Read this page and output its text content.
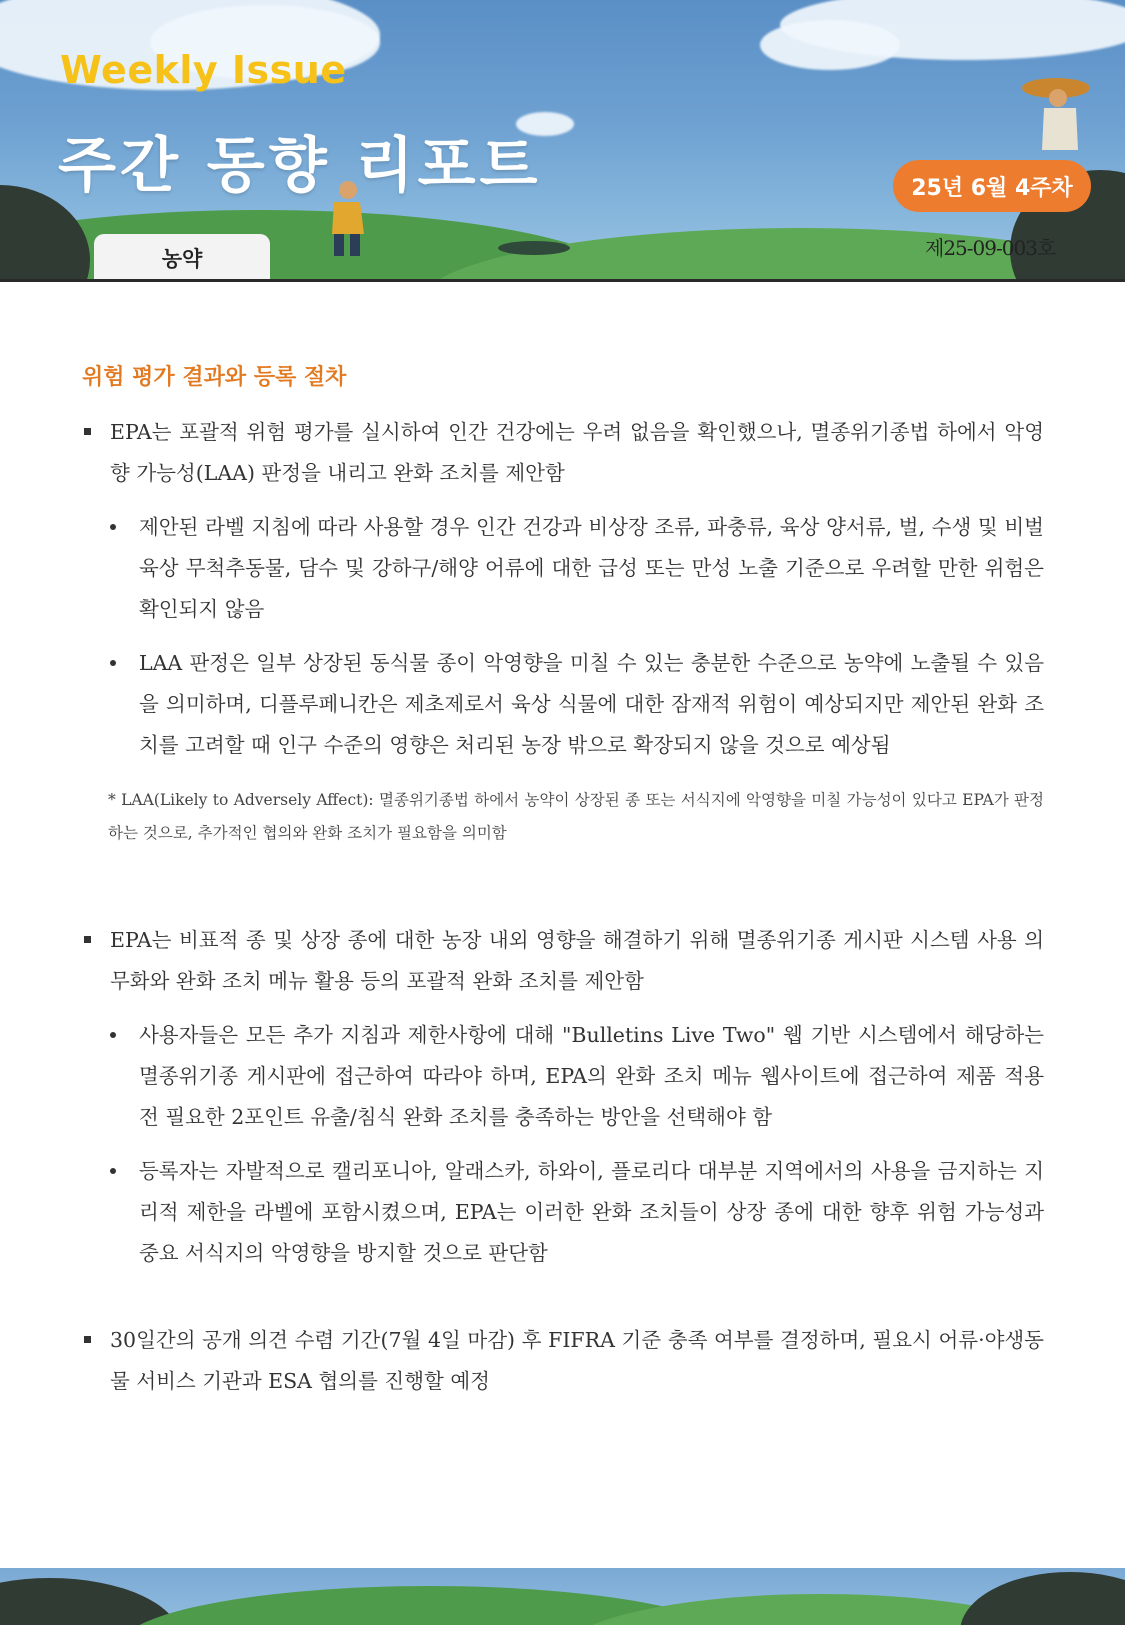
Weekly Issue
주간 동향 리포트	25년 6월 4주차
제25-09-003호
농약
위험 평가 결과와 등록 절차
EPA는 포괄적 위험 평가를 실시하여 인간 건강에는 우려 없음을 확인했으나, 멸종위기종법 하에서 악영향 가능성(LAA) 판정을 내리고 완화 조치를 제안함
제안된 라벨 지침에 따라 사용할 경우 인간 건강과 비상장 조류, 파충류, 육상 양서류, 벌, 수생 및 비벌 육상 무척추동물, 담수 및 강하구/해양 어류에 대한 급성 또는 만성 노출 기준으로 우려할 만한 위험은 확인되지 않음
LAA 판정은 일부 상장된 동식물 종이 악영향을 미칠 수 있는 충분한 수준으로 농약에 노출될 수 있음을 의미하며, 디플루페니칸은 제초제로서 육상 식물에 대한 잠재적 위험이 예상되지만 제안된 완화 조치를 고려할 때 인구 수준의 영향은 처리된 농장 밖으로 확장되지 않을 것으로 예상됨
* LAA(Likely to Adversely Affect): 멸종위기종법 하에서 농약이 상장된 종 또는 서식지에 악영향을 미칠 가능성이 있다고 EPA가 판정하는 것으로, 추가적인 협의와 완화 조치가 필요함을 의미함
EPA는 비표적 종 및 상장 종에 대한 농장 내외 영향을 해결하기 위해 멸종위기종 게시판 시스템 사용 의무화와 완화 조치 메뉴 활용 등의 포괄적 완화 조치를 제안함
사용자들은 모든 추가 지침과 제한사항에 대해 "Bulletins Live Two" 웹 기반 시스템에서 해당하는 멸종위기종 게시판에 접근하여 따라야 하며, EPA의 완화 조치 메뉴 웹사이트에 접근하여 제품 적용 전 필요한 2포인트 유출/침식 완화 조치를 충족하는 방안을 선택해야 함
등록자는 자발적으로 캘리포니아, 알래스카, 하와이, 플로리다 대부분 지역에서의 사용을 금지하는 지리적 제한을 라벨에 포함시켰으며, EPA는 이러한 완화 조치들이 상장 종에 대한 향후 위험 가능성과 중요 서식지의 악영향을 방지할 것으로 판단함
30일간의 공개 의견 수렴 기간(7월 4일 마감) 후 FIFRA 기준 충족 여부를 결정하며, 필요시 어류·야생동물 서비스 기관과 ESA 협의를 진행할 예정
